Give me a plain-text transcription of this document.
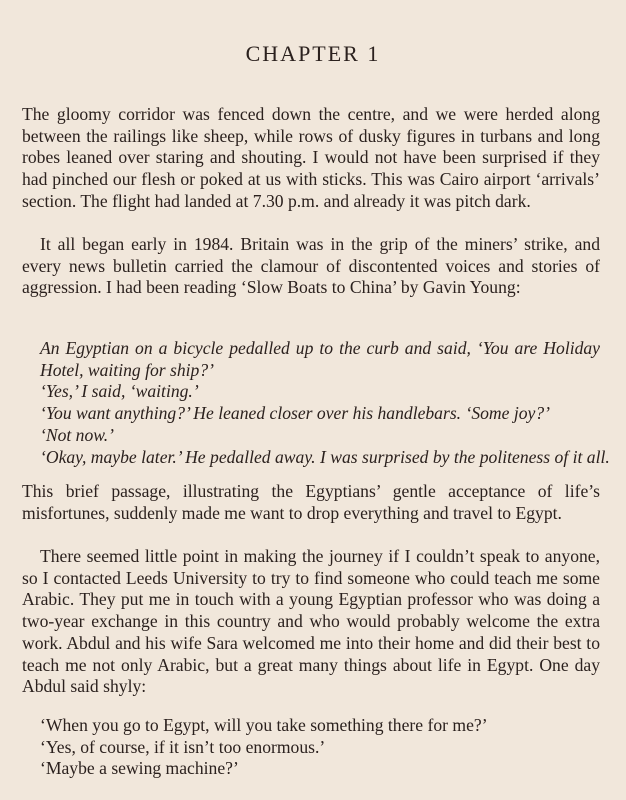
CHAPTER 1

The gloomy corridor was fenced down the centre, and we were herded along between the railings like sheep, while rows of dusky figures in turbans and long robes leaned over staring and shouting. I would not have been surprised if they had pinched our flesh or poked at us with sticks. This was Cairo airport ‘arrivals’ section. The flight had landed at 7.30 p.m. and already it was pitch dark.

It all began early in 1984. Britain was in the grip of the miners’ strike, and every news bulletin carried the clamour of discontented voices and stories of aggression. I had been reading ‘Slow Boats to China’ by Gavin Young:

An Egyptian on a bicycle pedalled up to the curb and said, ‘You are Holiday Hotel, waiting for ship?’
‘Yes,’ I said, ‘waiting.’
‘You want anything?’ He leaned closer over his handlebars. ‘Some joy?’
‘Not now.’
‘Okay, maybe later.’ He pedalled away. I was surprised by the politeness of it all.

This brief passage, illustrating the Egyptians’ gentle acceptance of life’s misfortunes, suddenly made me want to drop everything and travel to Egypt.

There seemed little point in making the journey if I couldn’t speak to anyone, so I contacted Leeds University to try to find someone who could teach me some Arabic. They put me in touch with a young Egyptian professor who was doing a two-year exchange in this country and who would probably welcome the extra work. Abdul and his wife Sara welcomed me into their home and did their best to teach me not only Arabic, but a great many things about life in Egypt. One day Abdul said shyly:

‘When you go to Egypt, will you take something there for me?’
‘Yes, of course, if it isn’t too enormous.’
‘Maybe a sewing machine?’
